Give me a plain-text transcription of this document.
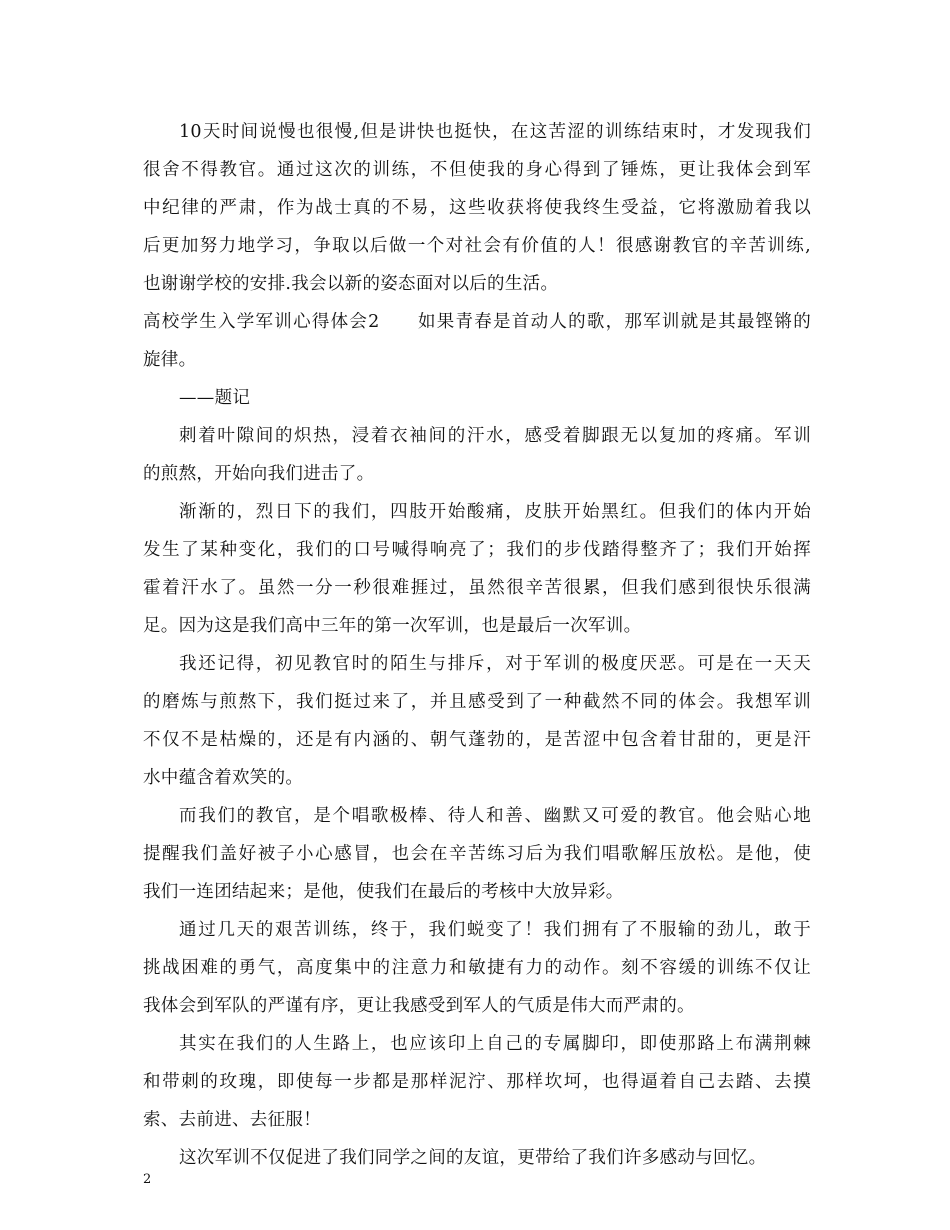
10天时间说慢也很慢,但是讲快也挺快，在这苦涩的训练结束时，才发现我们
很舍不得教官。通过这次的训练，不但使我的身心得到了锤炼，更让我体会到军
中纪律的严肃，作为战士真的不易，这些收获将使我终生受益，它将激励着我以
后更加努力地学习，争取以后做一个对社会有价值的人！很感谢教官的辛苦训练,
也谢谢学校的安排.我会以新的姿态面对以后的生活。
高校学生入学军训心得体会2　　如果青春是首动人的歌，那军训就是其最铿锵的
旋律。
——题记
刺着叶隙间的炽热，浸着衣袖间的汗水，感受着脚跟无以复加的疼痛。军训
的煎熬，开始向我们进击了。
渐渐的，烈日下的我们，四肢开始酸痛，皮肤开始黑红。但我们的体内开始
发生了某种变化，我们的口号喊得响亮了；我们的步伐踏得整齐了；我们开始挥
霍着汗水了。虽然一分一秒很难捱过，虽然很辛苦很累，但我们感到很快乐很满
足。因为这是我们高中三年的第一次军训，也是最后一次军训。
我还记得，初见教官时的陌生与排斥，对于军训的极度厌恶。可是在一天天
的磨炼与煎熬下，我们挺过来了，并且感受到了一种截然不同的体会。我想军训
不仅不是枯燥的，还是有内涵的、朝气蓬勃的，是苦涩中包含着甘甜的，更是汗
水中蕴含着欢笑的。
而我们的教官，是个唱歌极棒、待人和善、幽默又可爱的教官。他会贴心地
提醒我们盖好被子小心感冒，也会在辛苦练习后为我们唱歌解压放松。是他，使
我们一连团结起来；是他，使我们在最后的考核中大放异彩。
通过几天的艰苦训练，终于，我们蜕变了！我们拥有了不服输的劲儿，敢于
挑战困难的勇气，高度集中的注意力和敏捷有力的动作。刻不容缓的训练不仅让
我体会到军队的严谨有序，更让我感受到军人的气质是伟大而严肃的。
其实在我们的人生路上，也应该印上自己的专属脚印，即使那路上布满荆棘
和带刺的玫瑰，即使每一步都是那样泥泞、那样坎坷，也得逼着自己去踏、去摸
索、去前进、去征服！
这次军训不仅促进了我们同学之间的友谊，更带给了我们许多感动与回忆。
2
